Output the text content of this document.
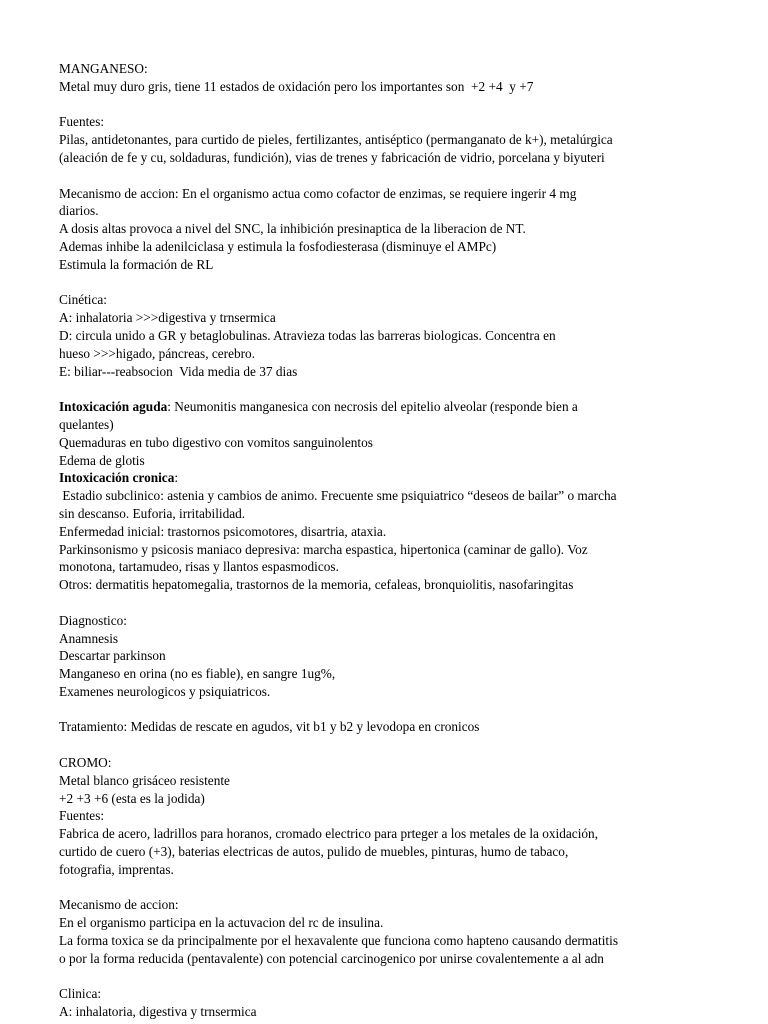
MANGANESO:

Metal muy duro gris, tiene 11 estados de oxidación pero los importantes son  +2 +4  y +7

Fuentes:

Pilas, antidetonantes, para curtido de pieles, fertilizantes, antiséptico (permanganato de k+), metalúrgica

(aleación de fe y cu, soldaduras, fundición), vias de trenes y fabricación de vidrio, porcelana y biyuteri

Mecanismo de accion: En el organismo actua como cofactor de enzimas, se requiere ingerir 4 mg

diarios.

A dosis altas provoca a nivel del SNC, la inhibición presinaptica de la liberacion de NT.

Ademas inhibe la adenilciclasa y estimula la fosfodiesterasa (disminuye el AMPc)

Estimula la formación de RL

Cinética:

A: inhalatoria >>>digestiva y trnsermica

D: circula unido a GR y betaglobulinas. Atravieza todas las barreras biologicas. Concentra en

hueso >>>higado, páncreas, cerebro.

E: biliar---reabsocion  Vida media de 37 dias

Intoxicación aguda: Neumonitis manganesica con necrosis del epitelio alveolar (responde bien a

quelantes)

Quemaduras en tubo digestivo con vomitos sanguinolentos

Edema de glotis

Intoxicación cronica:

Estadio subclinico: astenia y cambios de animo. Frecuente sme psiquiatrico “deseos de bailar” o marcha

sin descanso. Euforia, irritabilidad.

Enfermedad inicial: trastornos psicomotores, disartria, ataxia.

Parkinsonismo y psicosis maniaco depresiva: marcha espastica, hipertonica (caminar de gallo). Voz

monotona, tartamudeo, risas y llantos espasmodicos.

Otros: dermatitis hepatomegalia, trastornos de la memoria, cefaleas, bronquiolitis, nasofaringitas

Diagnostico:

Anamnesis

Descartar parkinson

Manganeso en orina (no es fiable), en sangre 1ug%,

Examenes neurologicos y psiquiatricos.

Tratamiento: Medidas de rescate en agudos, vit b1 y b2 y levodopa en cronicos

CROMO:

Metal blanco grisáceo resistente

+2 +3 +6 (esta es la jodida)

Fuentes:

Fabrica de acero, ladrillos para horanos, cromado electrico para prteger a los metales de la oxidación,

curtido de cuero (+3), baterias electricas de autos, pulido de muebles, pinturas, humo de tabaco,

fotografia, imprentas.

Mecanismo de accion:

En el organismo participa en la actuvacion del rc de insulina.

La forma toxica se da principalmente por el hexavalente que funciona como hapteno causando dermatitis

o por la forma reducida (pentavalente) con potencial carcinogenico por unirse covalentemente a al adn

Clinica:

A: inhalatoria, digestiva y trnsermica
